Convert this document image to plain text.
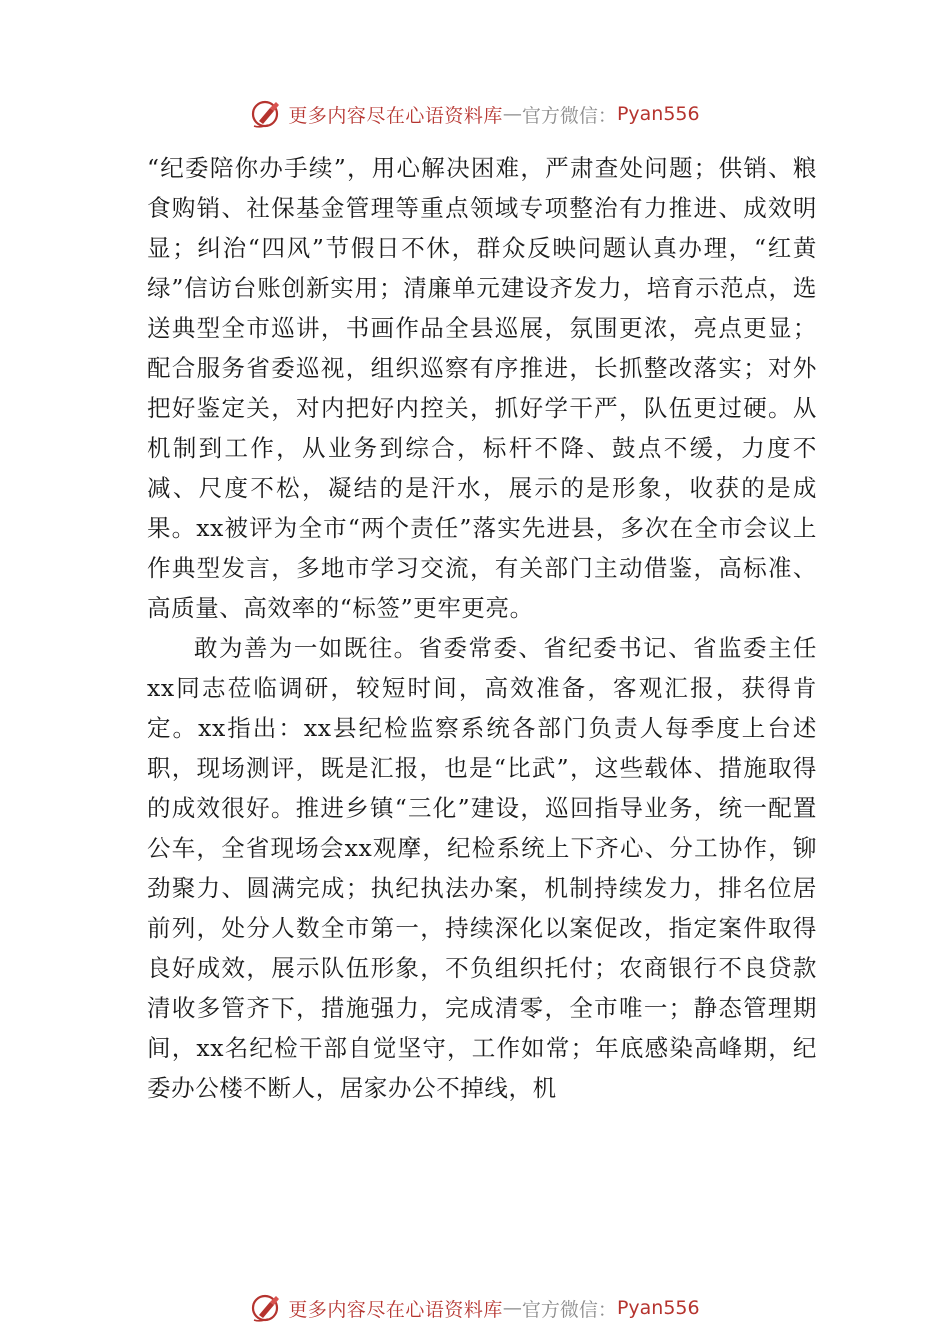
更多内容尽在心语资料库 — 官方微信： Pyan556

“纪委陪你办手续”，用心解决困难，严肃查处问题；供销、粮食购销、社保基金管理等重点领域专项整治有力推进、成效明显；纠治“四风”节假日不休，群众反映问题认真办理，“红黄绿”信访台账创新实用；清廉单元建设齐发力，培育示范点，选送典型全市巡讲，书画作品全县巡展，氛围更浓，亮点更显；配合服务省委巡视，组织巡察有序推进，长抓整改落实；对外把好鉴定关，对内把好内控关，抓好学干严，队伍更过硬。从机制到工作，从业务到综合，标杆不降、鼓点不缓，力度不减、尺度不松，凝结的是汗水，展示的是形象，收获的是成果。xx被评为全市“两个责任”落实先进县，多次在全市会议上作典型发言，多地市学习交流，有关部门主动借鉴，高标准、高质量、高效率的“标签”更牢更亮。

敢为善为一如既往。省委常委、省纪委书记、省监委主任xx同志莅临调研，较短时间，高效准备，客观汇报，获得肯定。xx指出：xx县纪检监察系统各部门负责人每季度上台述职，现场测评，既是汇报，也是“比武”，这些载体、措施取得的成效很好。推进乡镇“三化”建设，巡回指导业务，统一配置公车，全省现场会xx观摩，纪检系统上下齐心、分工协作，铆劲聚力、圆满完成；执纪执法办案，机制持续发力，排名位居前列，处分人数全市第一，持续深化以案促改，指定案件取得良好成效，展示队伍形象，不负组织托付；农商银行不良贷款清收多管齐下，措施强力，完成清零，全市唯一；静态管理期间，xx名纪检干部自觉坚守，工作如常；年底感染高峰期，纪委办公楼不断人，居家办公不掉线，机

更多内容尽在心语资料库 — 官方微信： Pyan556
